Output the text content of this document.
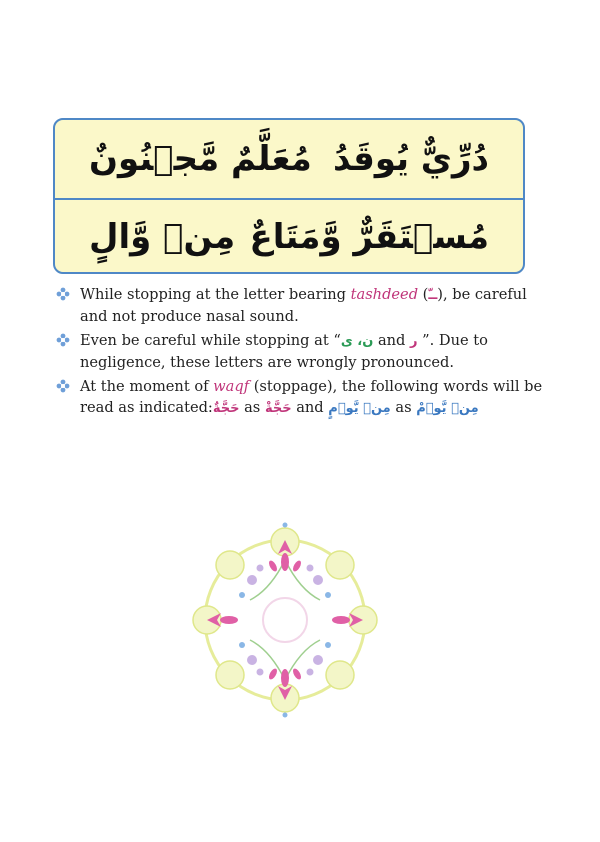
دُرِّيٌّ يُوقَدُ
مُعَلَّمٌ مَّجۡنُونٌ
مُسۡتَقَرٌّ وَّمَتَاعٌ
مِنۡ وَّالٍ
While stopping at the letter bearing tashdeed (ــّ), be careful and not produce nasal sound.
Even be careful while stopping at “ن، ی and ر ”. Due to negligence, these letters are wrongly pronounced.
At the moment of waqf (stoppage), the following words will be read as indicated:حَجَّةٌ as حَجَّةْ and مِنۡ يَّوۡمٍ as مِنۡ يَّوۡمْ
